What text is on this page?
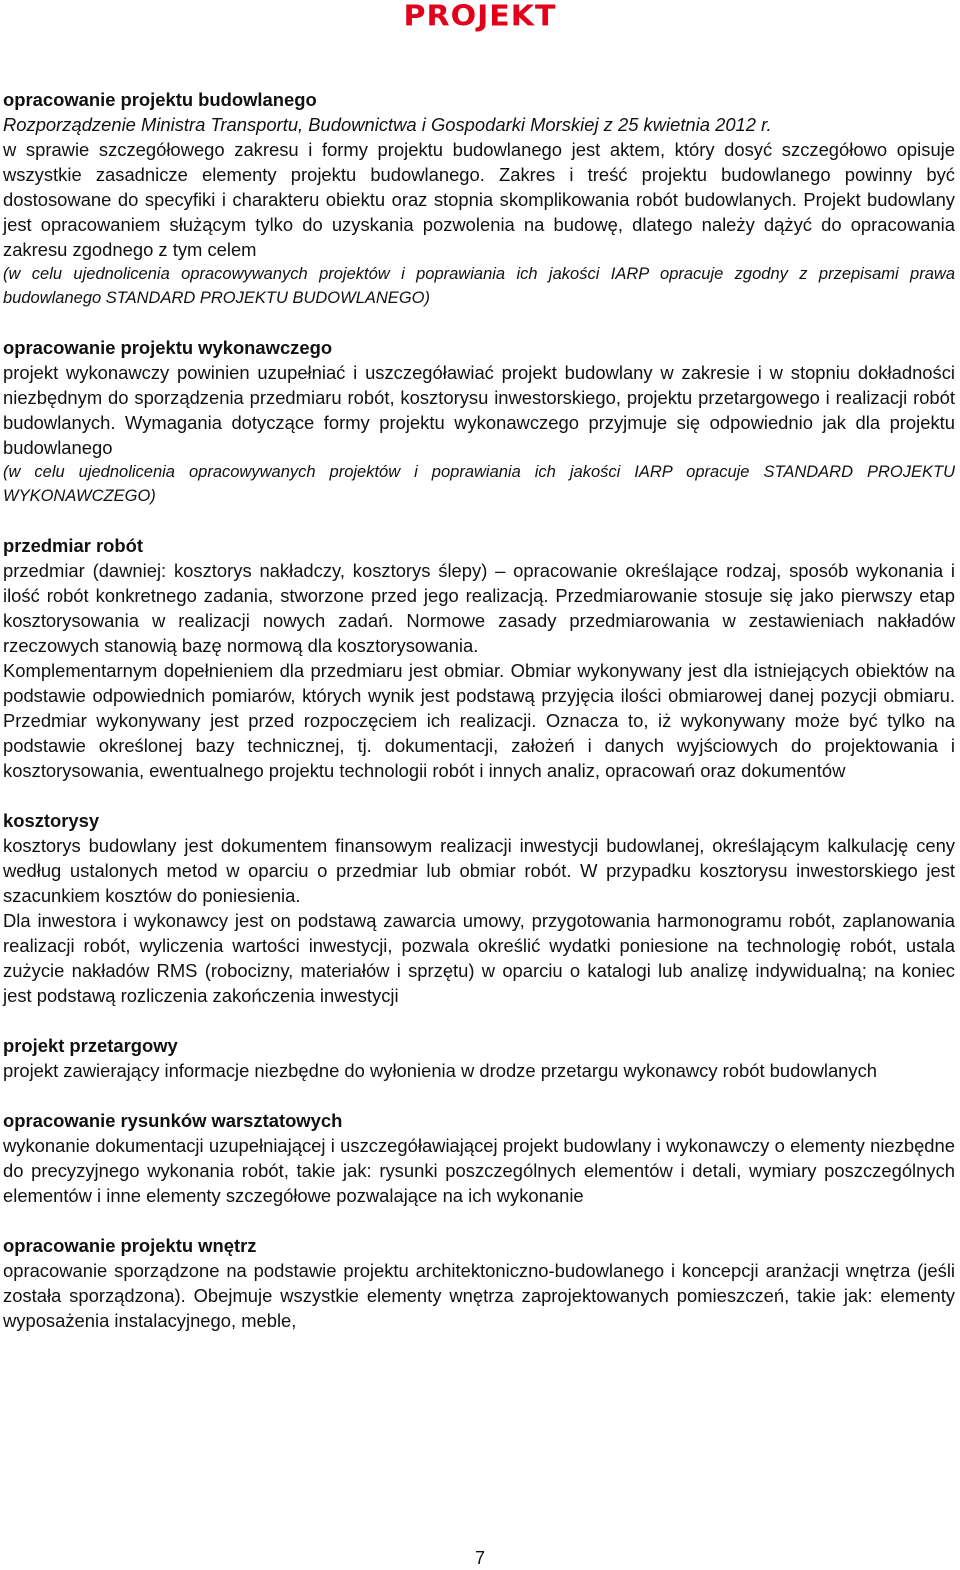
PROJEKT
opracowanie projektu budowlanego

Rozporządzenie Ministra Transportu, Budownictwa i Gospodarki Morskiej z 25 kwietnia 2012 r.

w sprawie szczegółowego zakresu i formy projektu budowlanego jest aktem, który dosyć szczegółowo opisuje wszystkie zasadnicze elementy projektu budowlanego. Zakres i treść projektu budowlanego powinny być dostosowane do specyfiki i charakteru obiektu oraz stopnia skomplikowania robót budowlanych. Projekt budowlany jest opracowaniem służącym tylko do uzyskania pozwolenia na budowę, dlatego należy dążyć do opracowania zakresu zgodnego z tym celem

(w celu ujednolicenia opracowywanych projektów i poprawiania ich jakości IARP opracuje zgodny z przepisami prawa budowlanego STANDARD PROJEKTU BUDOWLANEGO)

opracowanie projektu wykonawczego

projekt wykonawczy powinien uzupełniać i uszczegóławiać projekt budowlany w zakresie i w stopniu dokładności niezbędnym do sporządzenia przedmiaru robót, kosztorysu inwestorskiego, projektu przetargowego i realizacji robót budowlanych. Wymagania dotyczące formy projektu wykonawczego przyjmuje się odpowiednio jak dla projektu budowlanego

(w celu ujednolicenia opracowywanych projektów i poprawiania ich jakości IARP opracuje STANDARD PROJEKTU WYKONAWCZEGO)

przedmiar robót

przedmiar (dawniej: kosztorys nakładczy, kosztorys ślepy) – opracowanie określające rodzaj, sposób wykonania i ilość robót konkretnego zadania, stworzone przed jego realizacją. Przedmiarowanie stosuje się jako pierwszy etap kosztorysowania w realizacji nowych zadań. Normowe zasady przedmiarowania w zestawieniach nakładów rzeczowych stanowią bazę normową dla kosztorysowania.

Komplementarnym dopełnieniem dla przedmiaru jest obmiar. Obmiar wykonywany jest dla istniejących obiektów na podstawie odpowiednich pomiarów, których wynik jest podstawą przyjęcia ilości obmiarowej danej pozycji obmiaru. Przedmiar wykonywany jest przed rozpoczęciem ich realizacji. Oznacza to, iż wykonywany może być tylko na podstawie określonej bazy technicznej, tj. dokumentacji, założeń i danych wyjściowych do projektowania i kosztorysowania, ewentualnego projektu technologii robót i innych analiz, opracowań oraz dokumentów

kosztorysy

kosztorys budowlany jest dokumentem finansowym realizacji inwestycji budowlanej, określającym kalkulację ceny według ustalonych metod w oparciu o przedmiar lub obmiar robót. W przypadku kosztorysu inwestorskiego jest szacunkiem kosztów do poniesienia.

Dla inwestora i wykonawcy jest on podstawą zawarcia umowy, przygotowania harmonogramu robót, zaplanowania realizacji robót, wyliczenia wartości inwestycji, pozwala określić wydatki poniesione na technologię robót, ustala zużycie nakładów RMS (robocizny, materiałów i sprzętu) w oparciu o katalogi lub analizę indywidualną; na koniec jest podstawą rozliczenia zakończenia inwestycji

projekt przetargowy

projekt zawierający informacje niezbędne do wyłonienia w drodze przetargu wykonawcy robót budowlanych

opracowanie rysunków warsztatowych

wykonanie dokumentacji uzupełniającej i uszczegóławiającej projekt budowlany i wykonawczy o elementy niezbędne do precyzyjnego wykonania robót, takie jak: rysunki poszczególnych elementów i detali, wymiary poszczególnych elementów i inne elementy szczegółowe pozwalające na ich wykonanie

opracowanie projektu wnętrz

opracowanie sporządzone na podstawie projektu architektoniczno-budowlanego i koncepcji aranżacji wnętrza (jeśli została sporządzona). Obejmuje wszystkie elementy wnętrza zaprojektowanych pomieszczeń, takie jak: elementy wyposażenia instalacyjnego, meble,

7
